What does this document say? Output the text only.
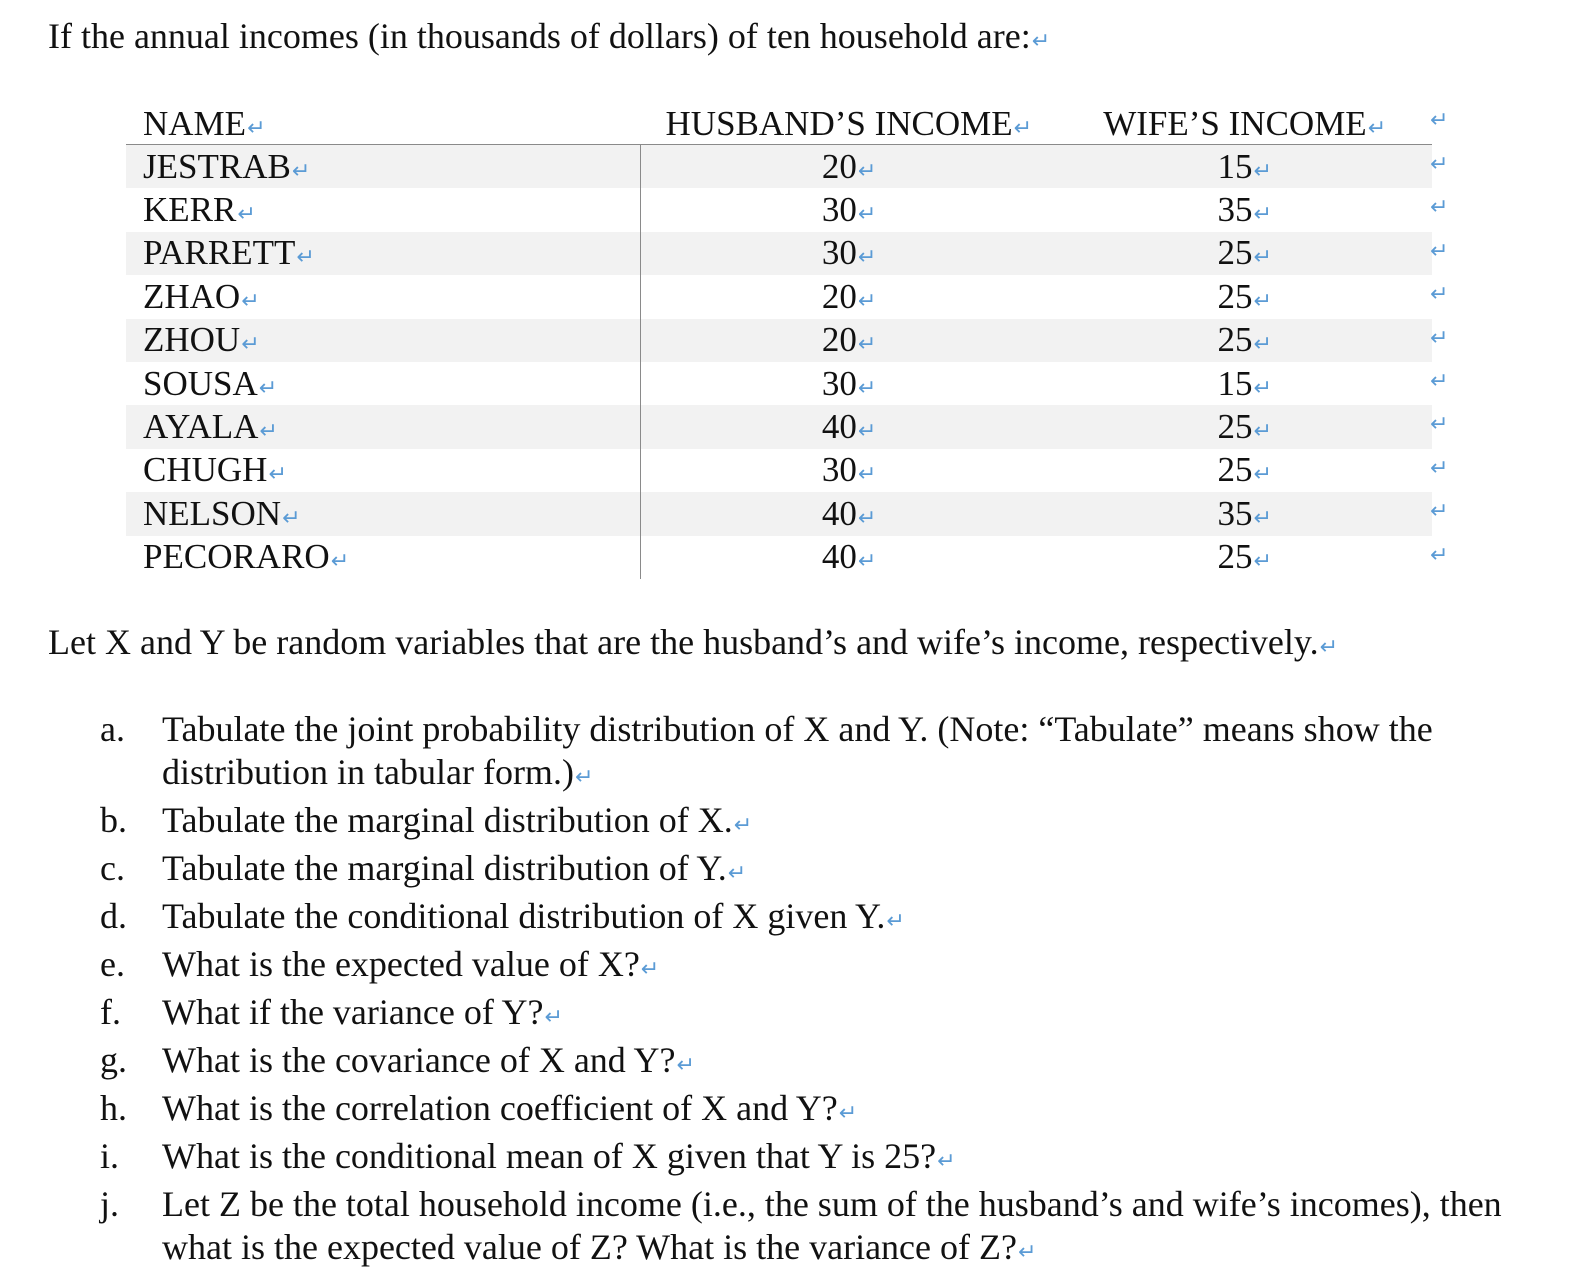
If the annual incomes (in thousands of dollars) of ten household are:↵
NAME↵	HUSBAND’S INCOME↵	WIFE’S INCOME↵
JESTRAB↵	20↵	15↵
KERR↵	30↵	35↵
PARRETT↵	30↵	25↵
ZHAO↵	20↵	25↵
ZHOU↵	20↵	25↵
SOUSA↵	30↵	15↵
AYALA↵	40↵	25↵
CHUGH↵	30↵	25↵
NELSON↵	40↵	35↵
PECORARO↵	40↵	25↵
↵
↵
↵
↵
↵
↵
↵
↵
↵
↵
↵
Let X and Y be random variables that are the husband’s and wife’s income, respectively.↵
a.	Tabulate the joint probability distribution of X and Y. (Note: “Tabulate” means show the distribution in tabular form.)↵
b. Tabulate the marginal distribution of X.↵
c.	Tabulate the marginal distribution of Y.↵
d. Tabulate the conditional distribution of X given Y.↵
e.	What is the expected value of X?↵
f.	What if the variance of Y?↵
g. What is the covariance of X and Y?↵
h. What is the correlation coefficient of X and Y?↵
i.	What is the conditional mean of X given that Y is 25?↵
j.	Let Z be the total household income (i.e., the sum of the husband’s and wife’s incomes), then what is the expected value of Z? What is the variance of Z?↵
